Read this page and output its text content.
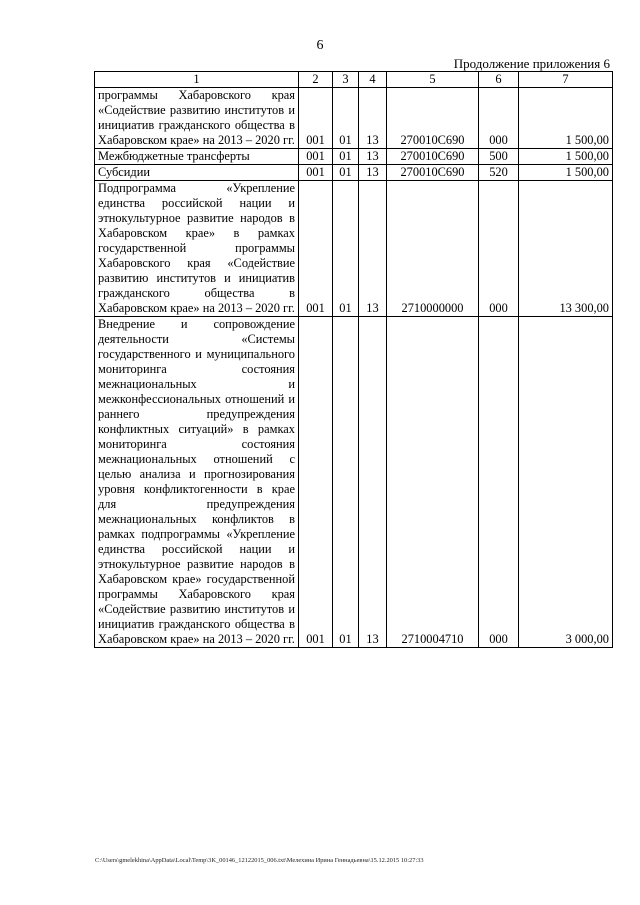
6
Продолжение приложения 6
1	2	3	4	5	6	7
программы Хабаровского края «Содействие развитию институтов и инициатив гражданского общества в Хабаровском крае» на 2013 – 2020 гг.	001	01	13	270010С690	000	1 500,00
Межбюджетные трансферты	001	01	13	270010С690	500	1 500,00
Субсидии	001	01	13	270010С690	520	1 500,00
Подпрограмма «Укрепление единства российской нации и этнокультурное развитие народов в Хабаровском крае» в рамках государственной программы Хабаровского края «Содействие развитию институтов и инициатив гражданского общества в Хабаровском крае» на 2013 – 2020 гг.	001	01	13	2710000000	000	13 300,00
Внедрение и сопровождение деятельности «Системы государственного и муниципального мониторинга состояния межнациональных и межконфессиональных отношений и раннего предупреждения конфликтных ситуаций» в рамках мониторинга состояния межнациональных отношений с целью анализа и прогнозирования уровня конфликтогенности в крае для предупреждения межнациональных конфликтов в рамках подпрограммы «Укрепление единства российской нации и этнокультурное развитие народов в Хабаровском крае» государственной программы Хабаровского края «Содействие развитию институтов и инициатив гражданского общества в Хабаровском крае» на 2013 – 2020 гг.	001	01	13	2710004710	000	3 000,00
C:\Users\gmelekhina\AppData\Local\Temp\3K_00146_12122015_006.txt\Мелехина Ирина Геннадьевна\15.12.2015 10:27:33
